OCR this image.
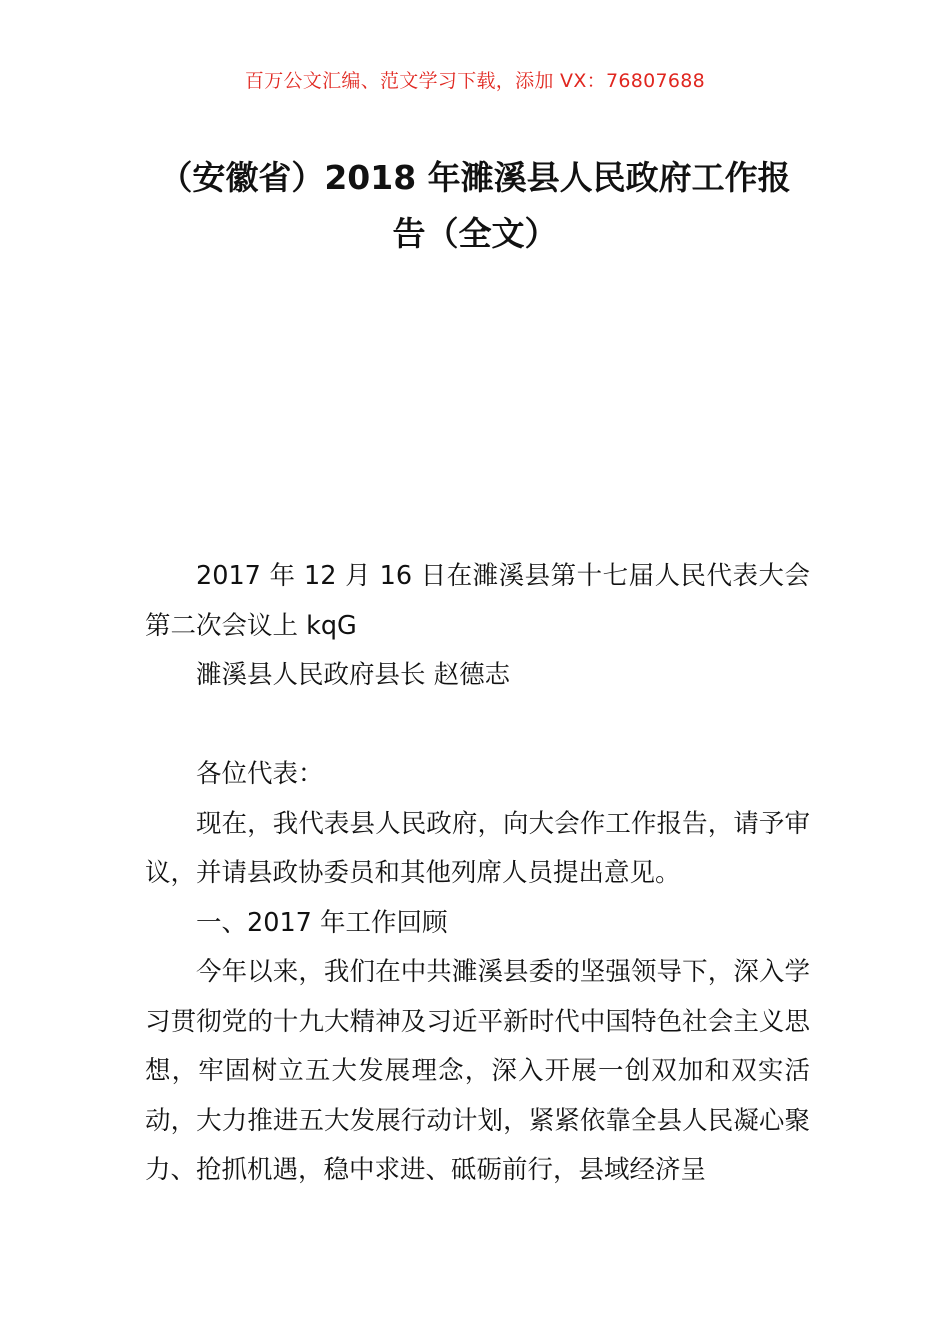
百万公文汇编、范文学习下载，添加 VX：76807688
（安徽省）2018 年濉溪县人民政府工作报
告（全文）

2017 年 12 月 16 日在濉溪县第十七届人民代表大会第二次会议上 kqG

濉溪县人民政府县长 赵德志

各位代表：

现在，我代表县人民政府，向大会作工作报告，请予审议，并请县政协委员和其他列席人员提出意见。

一、2017 年工作回顾

今年以来，我们在中共濉溪县委的坚强领导下，深入学习贯彻党的十九大精神及习近平新时代中国特色社会主义思想，牢固树立五大发展理念，深入开展一创双加和双实活动，大力推进五大发展行动计划，紧紧依靠全县人民凝心聚力、抢抓机遇，稳中求进、砥砺前行，县域经济呈
